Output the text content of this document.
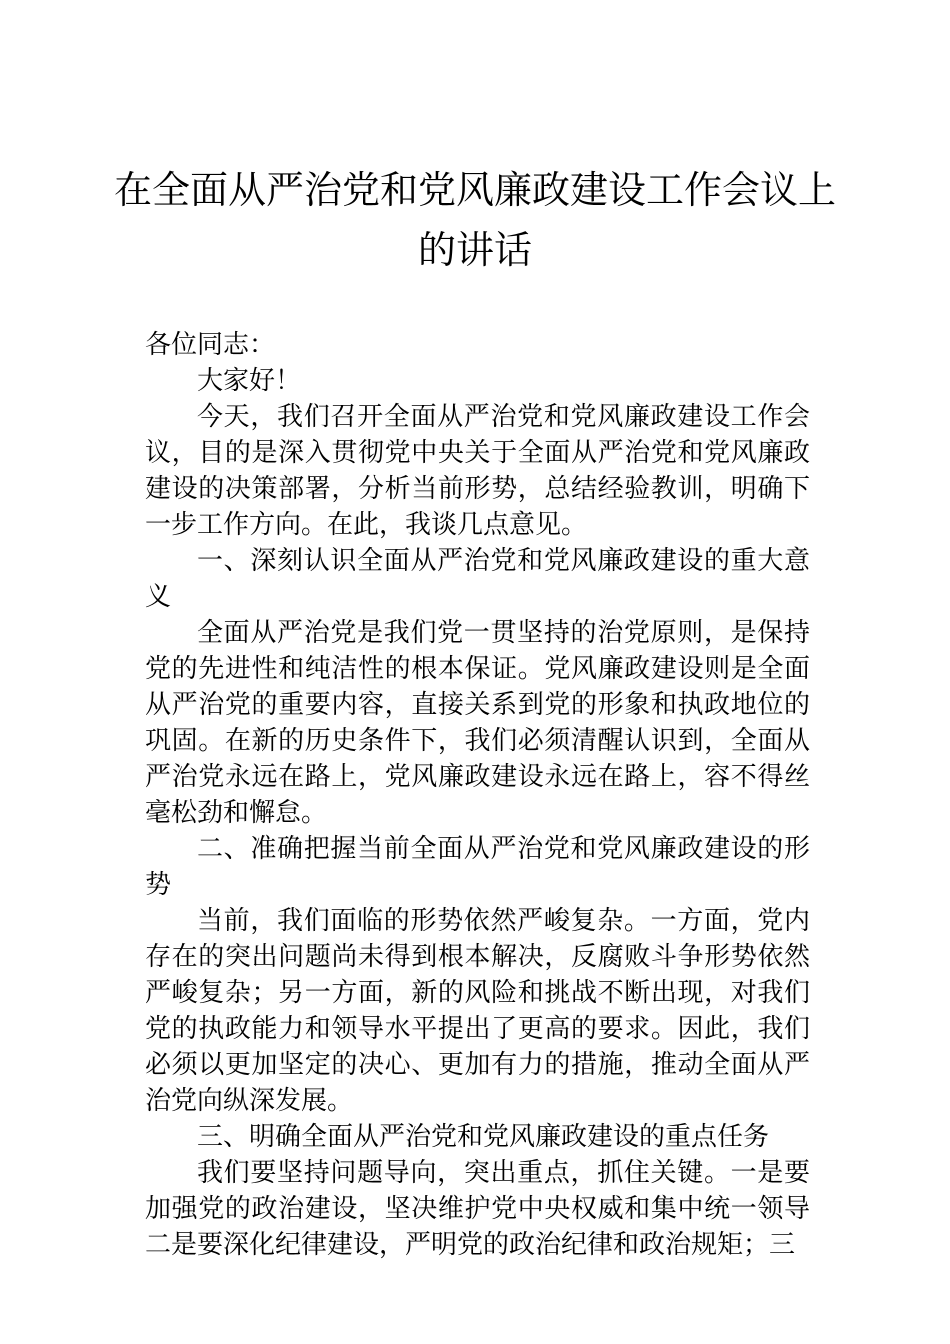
在全面从严治党和党风廉政建设工作会议上的讲话

各位同志：

大家好！

今天，我们召开全面从严治党和党风廉政建设工作会议，目的是深入贯彻党中央关于全面从严治党和党风廉政建设的决策部署，分析当前形势，总结经验教训，明确下一步工作方向。在此，我谈几点意见。

一、深刻认识全面从严治党和党风廉政建设的重大意义

全面从严治党是我们党一贯坚持的治党原则，是保持党的先进性和纯洁性的根本保证。党风廉政建设则是全面从严治党的重要内容，直接关系到党的形象和执政地位的巩固。在新的历史条件下，我们必须清醒认识到，全面从严治党永远在路上，党风廉政建设永远在路上，容不得丝毫松劲和懈怠。

二、准确把握当前全面从严治党和党风廉政建设的形势

当前，我们面临的形势依然严峻复杂。一方面，党内存在的突出问题尚未得到根本解决，反腐败斗争形势依然严峻复杂；另一方面，新的风险和挑战不断出现，对我们党的执政能力和领导水平提出了更高的要求。因此，我们必须以更加坚定的决心、更加有力的措施，推动全面从严治党向纵深发展。

三、明确全面从严治党和党风廉政建设的重点任务

我们要坚持问题导向，突出重点，抓住关键。一是要加强党的政治建设，坚决维护党中央权威和集中统一领导二是要深化纪律建设，严明党的政治纪律和政治规矩；三
